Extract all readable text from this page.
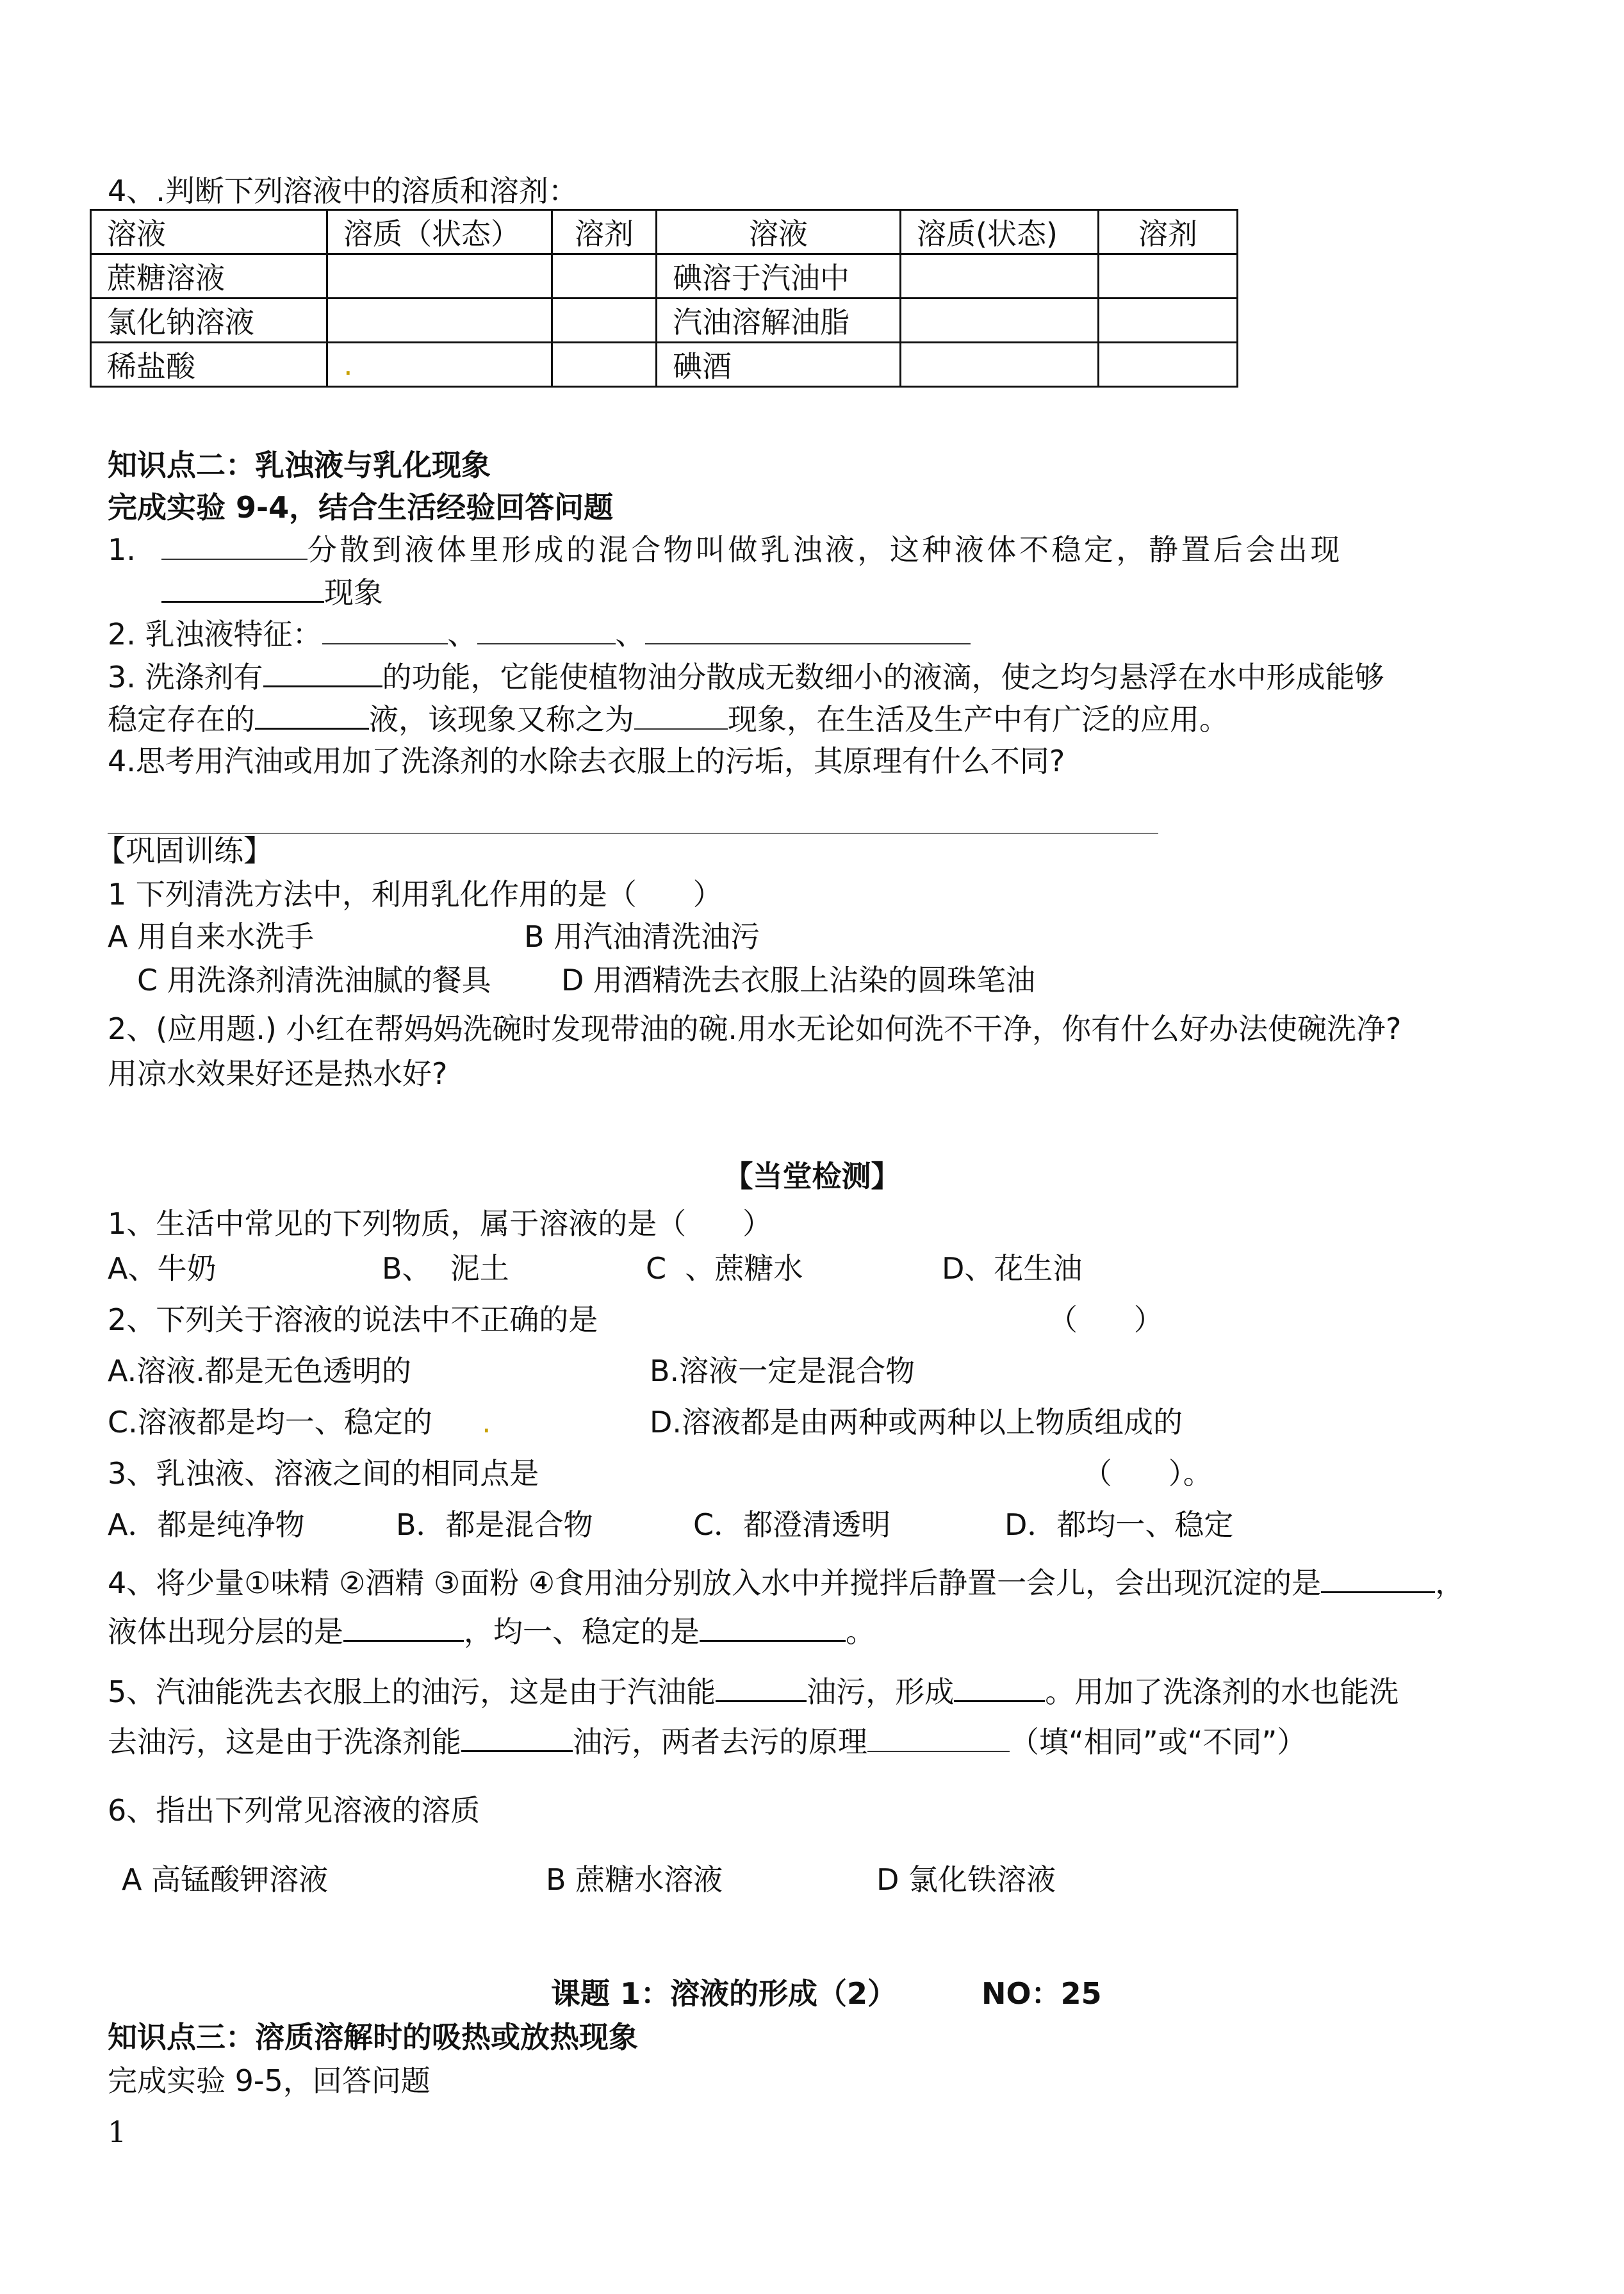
4、.判断下列溶液中的溶质和溶剂：
溶液	溶质（状态）	溶剂	溶液	溶质(状态)	溶剂
蔗糖溶液			碘溶于汽油中		
氯化钠溶液			汽油溶解油脂		
稀盐酸	.		碘酒		
知识点二：乳浊液与乳化现象
完成实验 9-4，结合生活经验回答问题
1.	分散到液体里形成的混合物叫做乳浊液，这种液体不稳定，静置后会出现
现象
2. 乳浊液特征：	、	、
3. 洗涤剂有	的功能，它能使植物油分散成无数细小的液滴，使之均匀悬浮在水中形成能够
稳定存在的	液，该现象又称之为	现象，在生活及生产中有广泛的应用。
4.思考用汽油或用加了洗涤剂的水除去衣服上的污垢，其原理有什么不同?
【巩固训练】
1 下列清洗方法中，利用乳化作用的是（      ）
A 用自来水洗手	B 用汽油清洗油污
C 用洗涤剂清洗油腻的餐具 D 用酒精洗去衣服上沾染的圆珠笔油
2、(应用题.) 小红在帮妈妈洗碗时发现带油的碗.用水无论如何洗不干净，你有什么好办法使碗洗净?
用凉水效果好还是热水好?
【当堂检测】
1、生活中常见的下列物质，属于溶液的是（      ）
A、牛奶	B、  泥土	C  、蔗糖水	D、花生油
2、下列关于溶液的说法中不正确的是	（      ）
A.溶液.都是无色透明的	B.溶液一定是混合物
C.溶液都是均一、稳定的 .	D.溶液都是由两种或两种以上物质组成的
3、乳浊液、溶液之间的相同点是	（      ）。
A．都是纯净物	B．都是混合物	C．都澄清透明	D．都均一、稳定
4、将少量①味精 ②酒精 ③面粉 ④食用油分别放入水中并搅拌后静置一会儿，会出现沉淀的是	，
液体出现分层的是	，均一、稳定的是	。
5、汽油能洗去衣服上的油污，这是由于汽油能	油污，形成	。用加了洗涤剂的水也能洗
去油污，这是由于洗涤剂能	油污，两者去污的原理	（填“相同”或“不同”）
6、指出下列常见溶液的溶质
A 高锰酸钾溶液	B 蔗糖水溶液	D 氯化铁溶液
课题 1：溶液的形成（2）	NO：25
知识点三：溶质溶解时的吸热或放热现象
完成实验 9-5，回答问题
1
